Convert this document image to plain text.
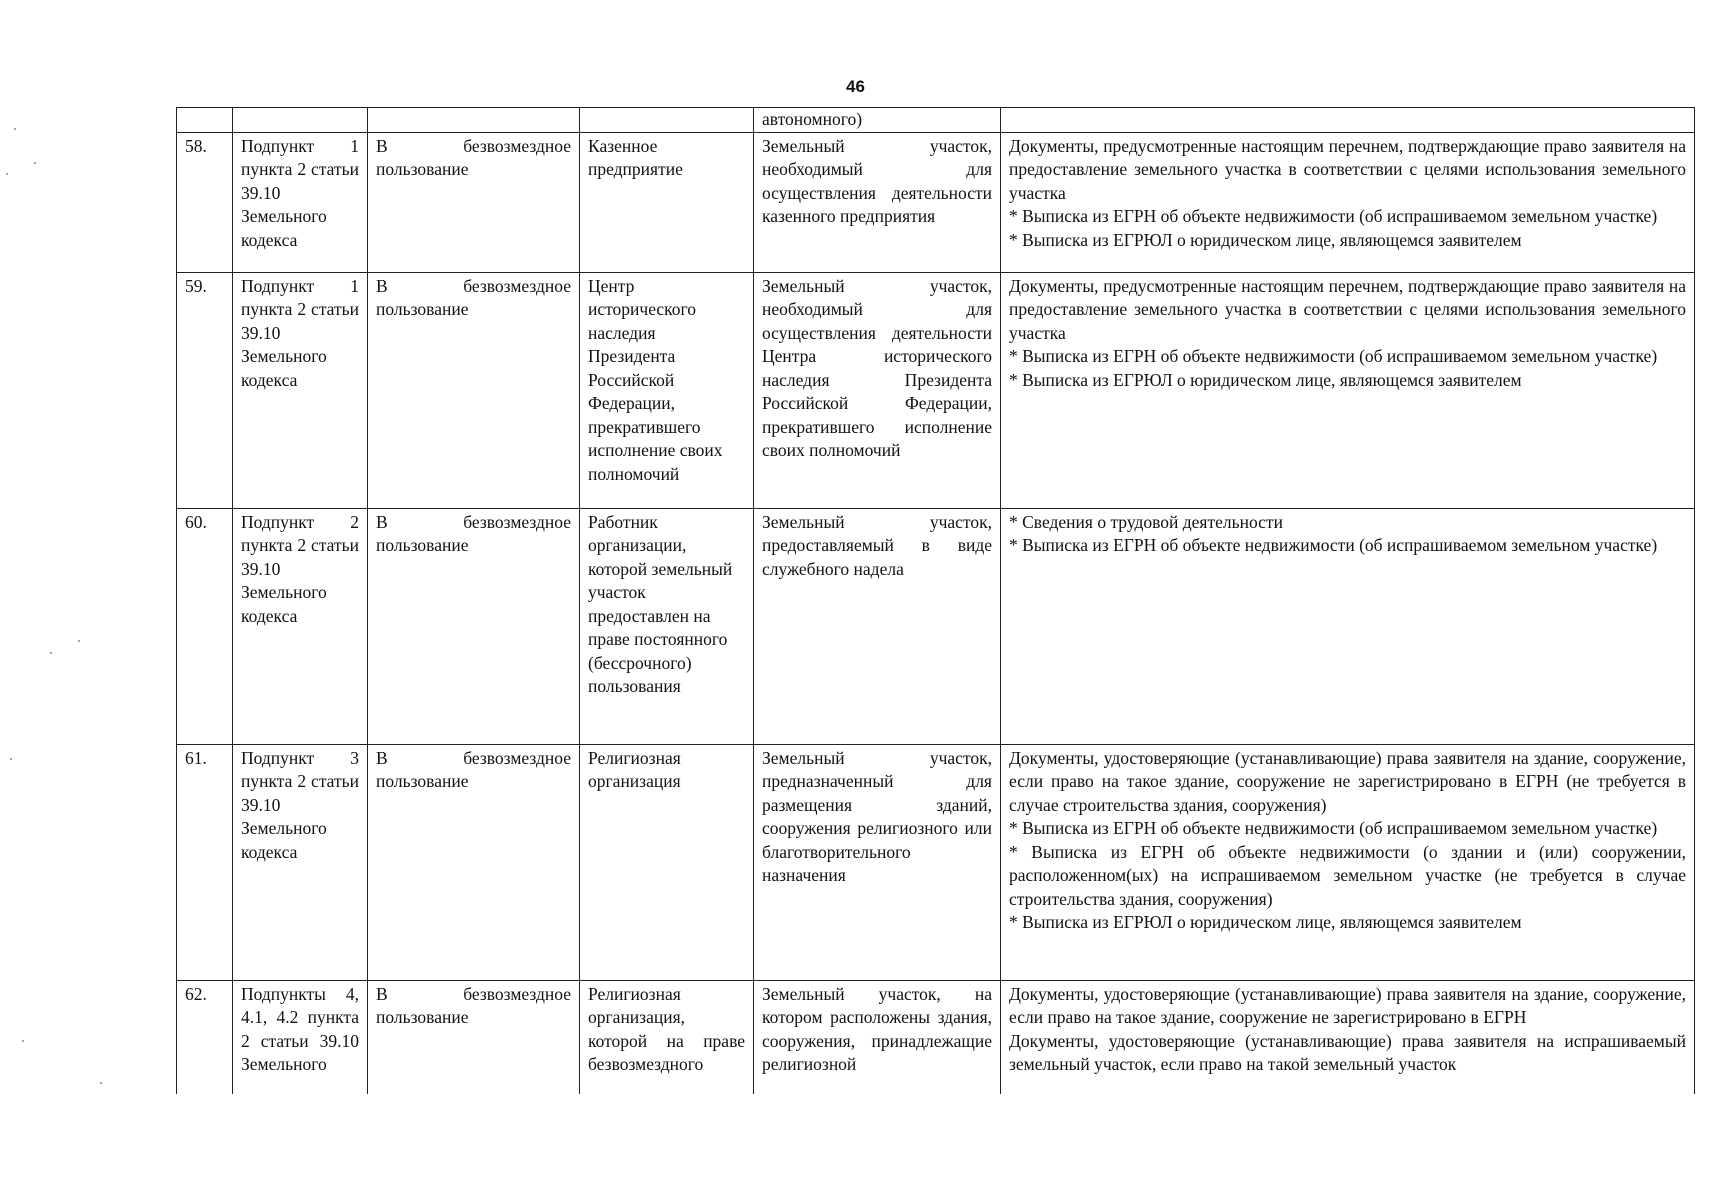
46
				автономного)	
58.	Подпункт 1 пункта 2 статьи 39.10 Земельного кодекса	В безвозмездное пользование	Казенное предприятие	Земельный участок, необходимый для осуществления деятельности казенного предприятия	Документы, предусмотренные настоящим перечнем, подтверждающие право заявителя на предоставление земельного участка в соответствии с целями использования земельного участка
* Выписка из ЕГРН об объекте недвижимости (об испрашиваемом земельном участке)
* Выписка из ЕГРЮЛ о юридическом лице, являющемся заявителем

59.	Подпункт 1 пункта 2 статьи 39.10 Земельного кодекса	В безвозмездное пользование	Центр исторического наследия Президента Российской Федерации, прекратившего исполнение своих полномочий	Земельный участок, необходимый для осуществления деятельности Центра исторического наследия Президента Российской Федерации, прекратившего исполнение своих полномочий	Документы, предусмотренные настоящим перечнем, подтверждающие право заявителя на предоставление земельного участка в соответствии с целями использования земельного участка
* Выписка из ЕГРН об объекте недвижимости (об испрашиваемом земельном участке)
* Выписка из ЕГРЮЛ о юридическом лице, являющемся заявителем

60.	Подпункт 2 пункта 2 статьи 39.10 Земельного кодекса	В безвозмездное пользование	Работник организации, которой земельный участок предоставлен на праве постоянного (бессрочного) пользования	Земельный участок, предоставляемый в виде служебного надела	* Сведения о трудовой деятельности
* Выписка из ЕГРН об объекте недвижимости (об испрашиваемом земельном участке)

61.	Подпункт 3 пункта 2 статьи 39.10 Земельного кодекса	В безвозмездное пользование	Религиозная организация	Земельный участок, предназначенный для размещения зданий, сооружения религиозного или благотворительного назначения	Документы, удостоверяющие (устанавливающие) права заявителя на здание, сооружение, если право на такое здание, сооружение не зарегистрировано в ЕГРН (не требуется в случае строительства здания, сооружения)
* Выписка из ЕГРН об объекте недвижимости (об испрашиваемом земельном участке)
* Выписка из ЕГРН об объекте недвижимости (о здании и (или) сооружении, расположенном(ых) на испрашиваемом земельном участке (не требуется в случае строительства здания, сооружения)
* Выписка из ЕГРЮЛ о юридическом лице, являющемся заявителем

62.	Подпункты 4, 4.1, 4.2 пункта 2 статьи 39.10 Земельного	В безвозмездное пользование	Религиозная организация, которой на праве безвозмездного	Земельный участок, на котором расположены здания, сооружения, принадлежащие религиозной	Документы, удостоверяющие (устанавливающие) права заявителя на здание, сооружение, если право на такое здание, сооружение не зарегистрировано в ЕГРН
Документы, удостоверяющие (устанавливающие) права заявителя на испрашиваемый земельный участок, если право на такой земельный участок
